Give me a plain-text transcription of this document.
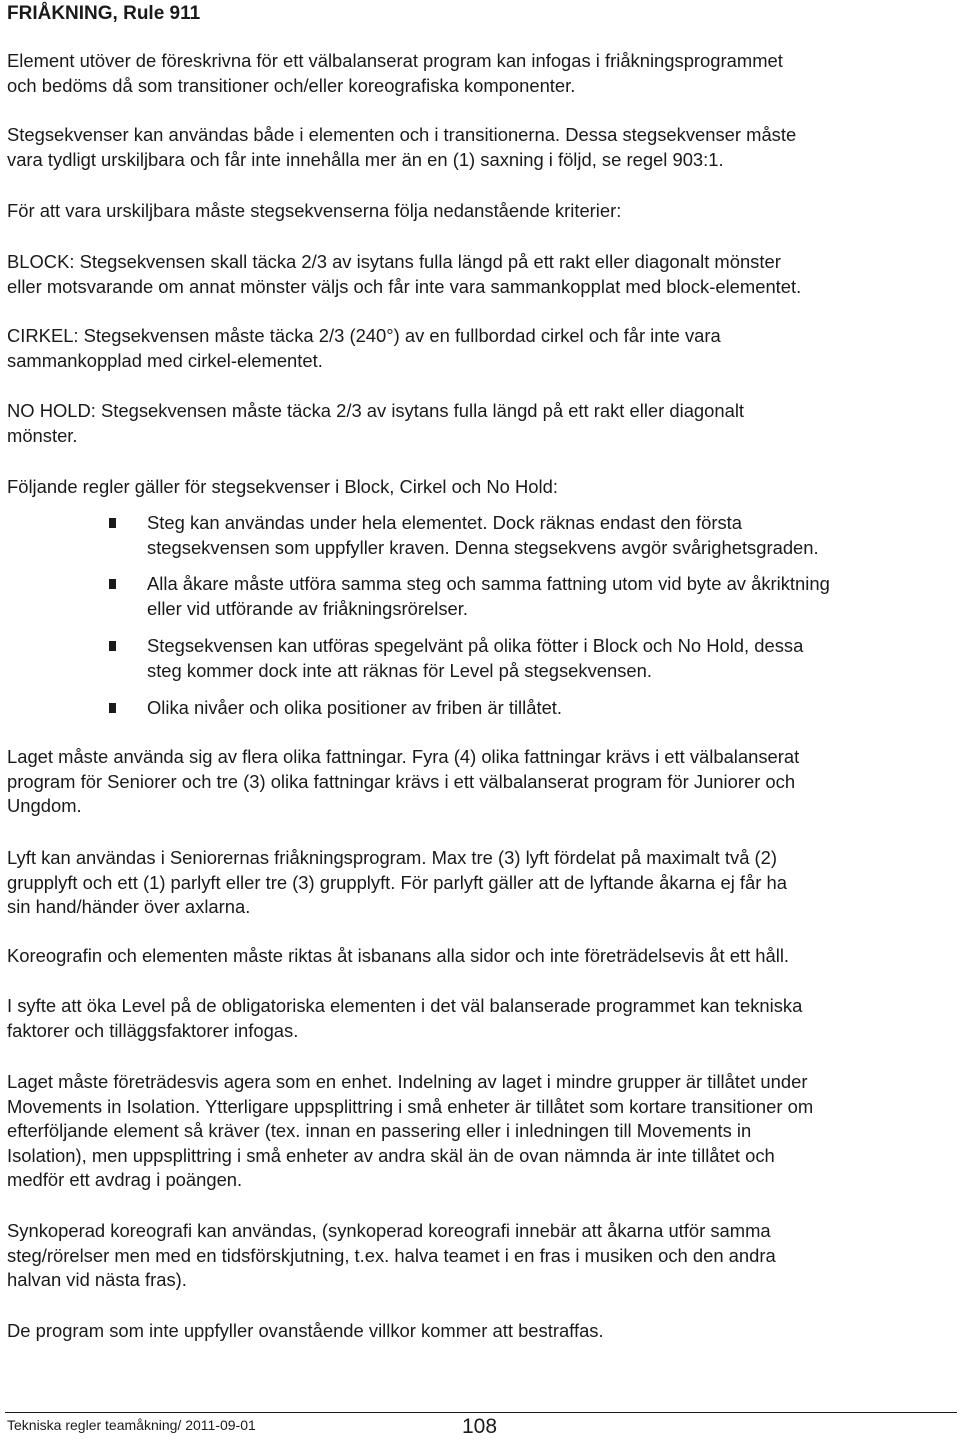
FRIÅKNING, Rule 911
Element utöver de föreskrivna för ett välbalanserat program kan infogas i friåkningsprogrammet
och bedöms då som transitioner och/eller koreografiska komponenter.
Stegsekvenser kan användas både i elementen och i transitionerna. Dessa stegsekvenser måste
vara tydligt urskiljbara och får inte innehålla mer än en (1) saxning i följd, se regel 903:1.
För att vara urskiljbara måste stegsekvenserna följa nedanstående kriterier:
BLOCK: Stegsekvensen skall täcka 2/3 av isytans fulla längd på ett rakt eller diagonalt mönster
eller motsvarande om annat mönster väljs och får inte vara sammankopplat med block-elementet.
CIRKEL: Stegsekvensen måste täcka 2/3 (240°) av en fullbordad cirkel och får inte vara
sammankopplad med cirkel-elementet.
NO HOLD: Stegsekvensen måste täcka 2/3 av isytans fulla längd på ett rakt eller diagonalt
mönster.
Följande regler gäller för stegsekvenser i Block, Cirkel och No Hold:
Steg kan användas under hela elementet. Dock räknas endast den första
stegsekvensen som uppfyller kraven. Denna stegsekvens avgör svårighetsgraden.
Alla åkare måste utföra samma steg och samma fattning utom vid byte av åkriktning
eller vid utförande av friåkningsrörelser.
Stegsekvensen kan utföras spegelvänt på olika fötter i Block och No Hold, dessa
steg kommer dock inte att räknas för Level på stegsekvensen.
Olika nivåer och olika positioner av friben är tillåtet.
Laget måste använda sig av flera olika fattningar. Fyra (4) olika fattningar krävs i ett välbalanserat
program för Seniorer och tre (3) olika fattningar krävs i ett välbalanserat program för Juniorer och
Ungdom.
Lyft kan användas i Seniorernas friåkningsprogram. Max tre (3) lyft fördelat på maximalt två (2)
grupplyft och ett (1) parlyft eller tre (3) grupplyft. För parlyft gäller att de lyftande åkarna ej får ha
sin hand/händer över axlarna.
Koreografin och elementen måste riktas åt isbanans alla sidor och inte företrädelsevis åt ett håll.
I syfte att öka Level på de obligatoriska elementen i det väl balanserade programmet kan tekniska
faktorer och tilläggsfaktorer infogas.
Laget måste företrädesvis agera som en enhet. Indelning av laget i mindre grupper är tillåtet under
Movements in Isolation. Ytterligare uppsplittring i små enheter är tillåtet som kortare transitioner om
efterföljande element så kräver (tex. innan en passering eller i inledningen till Movements in
Isolation), men uppsplittring i små enheter av andra skäl än de ovan nämnda är inte tillåtet och
medför ett avdrag i poängen.
Synkoperad koreografi kan användas, (synkoperad koreografi innebär att åkarna utför samma
steg/rörelser men med en tidsförskjutning, t.ex. halva teamet i en fras i musiken och den andra
halvan vid nästa fras).
De program som inte uppfyller ovanstående villkor kommer att bestraffas.
Tekniska regler teamåkning/ 2011-09-01	108
